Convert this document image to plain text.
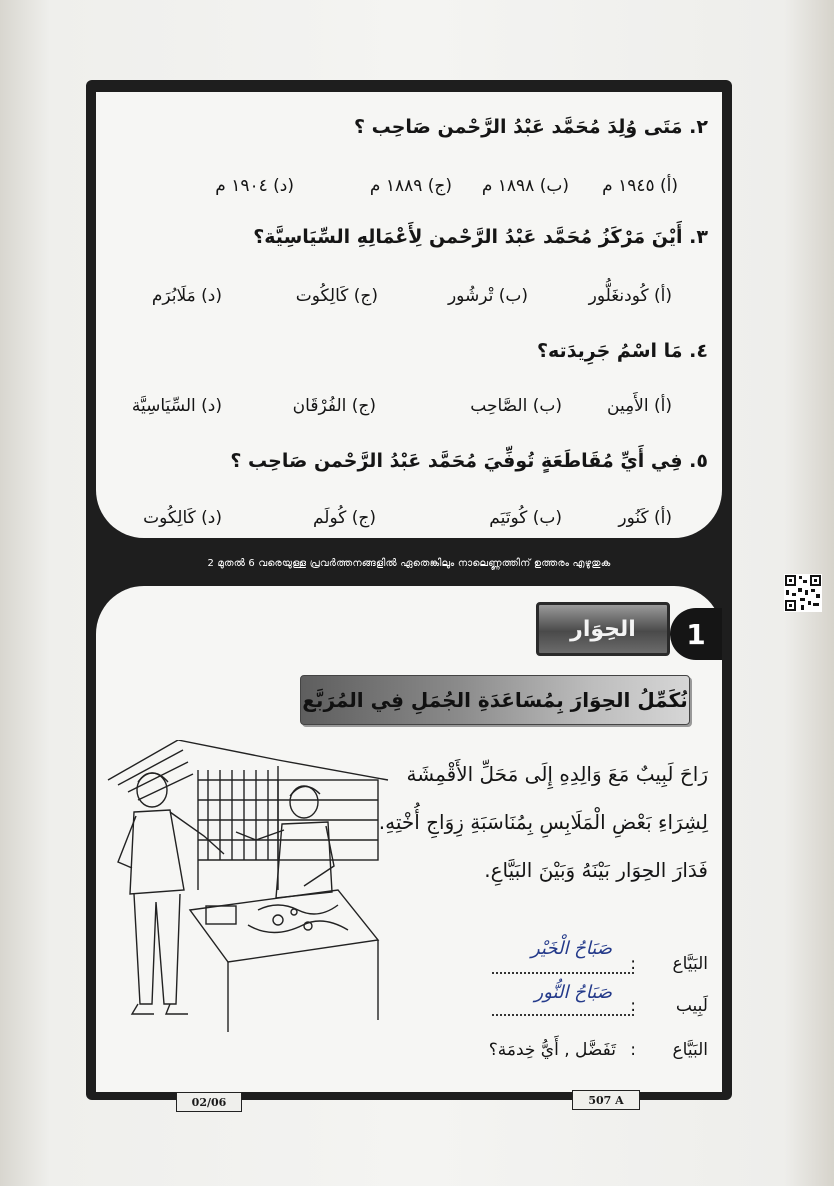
٢. مَتَى وُلِدَ مُحَمَّد عَبْدُ الرَّحْمن صَاحِب ؟
(أ) ١٩٤٥ م
(ب) ١٨٩٨ م
(ج) ١٨٨٩ م
(د) ١٩٠٤ م
٣. أَيْنَ مَرْكَزُ مُحَمَّد عَبْدُ الرَّحْمن لِأَعْمَالِهِ السِّيَاسِيَّة؟
(أ) كُودنغَلُّور
(ب) تْرشُور
(ج) كَالِكُوت
(د) مَلَابُرَم
٤. مَا اسْمُ جَرِيدَته؟
(أ) الأَمِين
(ب) الصَّاحِب
(ج) الفُرْقَان
(د) السِّيَاسِيَّة
٥. فِي أَيِّ مُقَاطَعَةٍ تُوفِّيَ مُحَمَّد عَبْدُ الرَّحْمن صَاحِب ؟
(أ) كَنُور
(ب) كُوتَيَم
(ج) كُولَم
(د) كَالِكُوت
2 മുതൽ 6 വരെയുള്ള പ്രവർത്തനങ്ങളിൽ ഏതെങ്കിലും നാലെണ്ണത്തിന് ഉത്തരം എഴുതുക
الحِوَار	1
نُكَمِّلُ الحِوَارَ بِمُسَاعَدَةِ الجُمَلِ فِي المُرَبَّع
رَاحَ لَبِيبٌ مَعَ وَالِدِهِ إِلَى مَحَلِّ الأَقْمِشَة
لِشِرَاءِ بَعْضِ الْمَلَابِسِ بِمُنَاسَبَةِ زِوَاجِ أُخْتِهِ.
فَدَارَ الحِوَار بَيْنَهُ وَبَيْنَ البَيَّاعِ.
البَيَّاع
:
صَبَاحُ الْخَيْر
لَبِيب
:
صَبَاحُ النُّور
البَيَّاع
:
تَفَضَّل , أَيُّ خِدمَة؟
02/06	507 A
